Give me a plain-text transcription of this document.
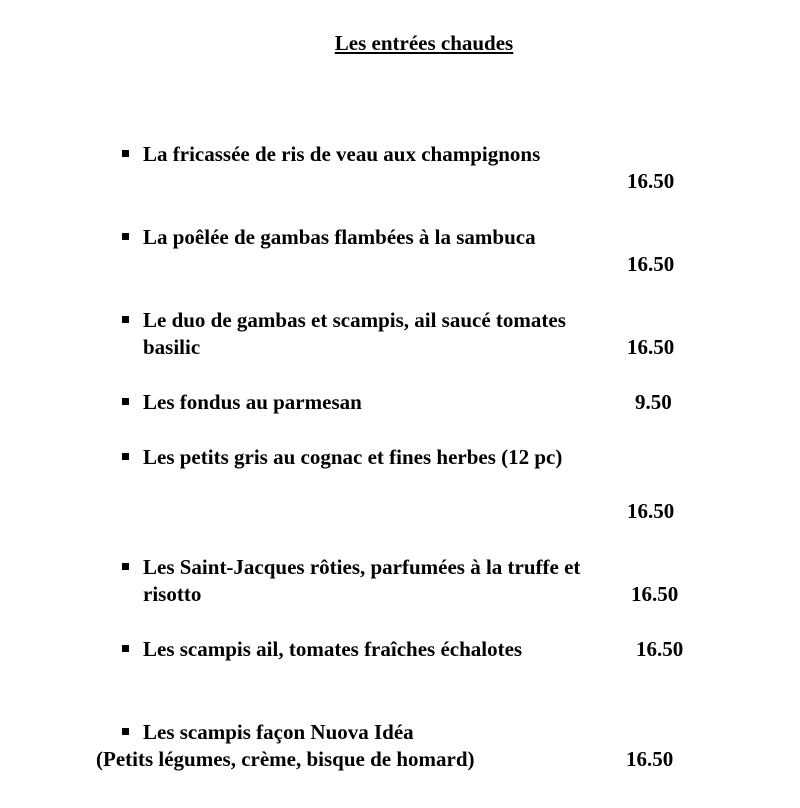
Les entrées chaudes
La fricassée de ris de veau aux champignons
16.50
La poêlée de gambas flambées à la sambuca
16.50
Le duo de gambas et scampis, ail saucé tomates
basilic	16.50
Les fondus au parmesan	9.50
Les petits gris au cognac et fines herbes (12 pc)
16.50
Les Saint-Jacques rôties, parfumées à la truffe et
risotto	16.50
Les scampis ail, tomates fraîches échalotes	16.50
Les scampis façon Nuova Idéa
(Petits légumes, crème, bisque de homard)	16.50
